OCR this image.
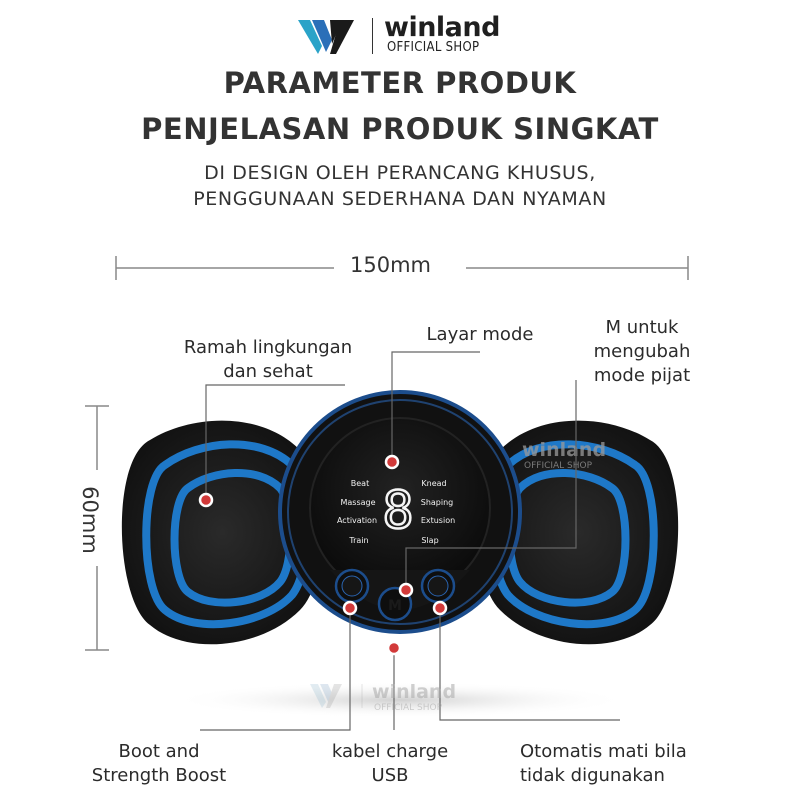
winland
OFFICIAL SHOP
PARAMETER PRODUK
PENJELASAN PRODUK SINGKAT
DI DESIGN OLEH PERANCANG KHUSUS,
PENGGUNAAN SEDERHANA DAN NYAMAN
winland
OFFICIAL SHOP
Beat
Massage
Activation
Train
Knead
Shaping
Extusion
Slap
8
M
winland
OFFICIAL SHOP
150mm
60mm
Ramah lingkungan
dan sehat
Layar mode	M untuk
mengubah
mode pijat
Boot and
Strength Boost
kabel charge
USB
Otomatis mati bila
tidak digunakan
